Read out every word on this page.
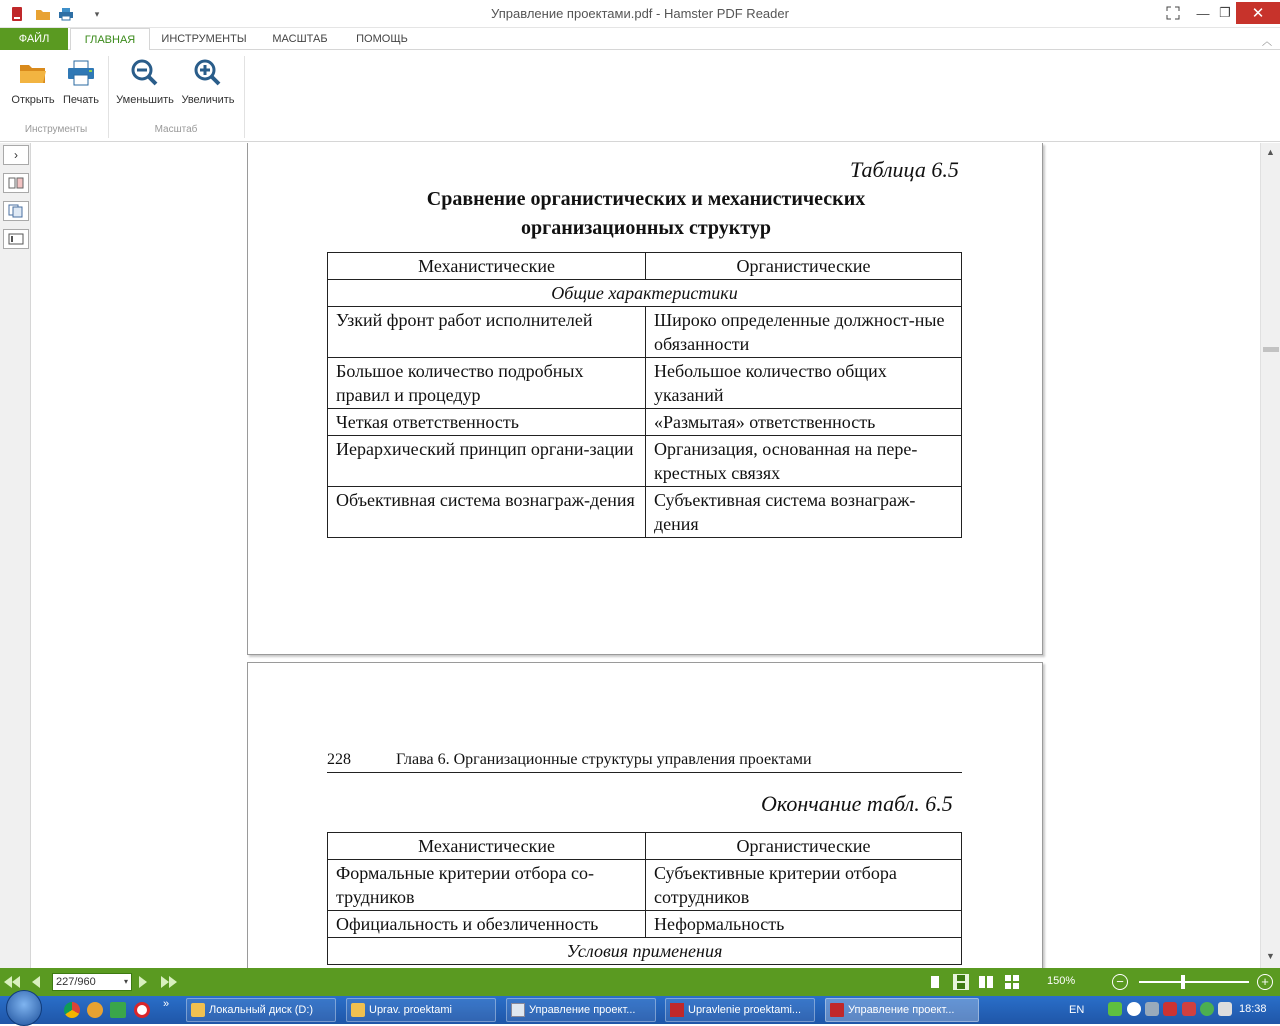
▾	Управление проектами.pdf - Hamster PDF Reader	— ❐	✕
ФАЙЛ	ГЛАВНАЯ	ИНСТРУМЕНТЫ	МАСШТАБ	ПОМОЩЬ	︿
Открыть Печать Уменьшить Увеличить
Инструменты	Масштаб
›
Таблица 6.5
Сравнение органистических и механистических
организационных структур
Механистические	Органистические
Общие характеристики	
Узкий фронт работ исполнителей	Широко определенные должност-ные обязанности
Большое количество подробных правил и процедур	Небольшое количество общих указаний
Четкая ответственность	«Размытая» ответственность
Иерархический принцип органи-зации	Организация, основанная на пере-крестных связях
Объективная система вознаграж-дения	Субъективная система вознаграж-дения
228	Глава 6. Организационные структуры управления проектами
Окончание табл. 6.5
Механистические	Органистические
Формальные критерии отбора со-трудников	Субъективные критерии отбора сотрудников
Официальность и обезличенность	Неформальность
Условия применения	
▲
▼
227/960	▾	150%	−	+
»	Локальный диск (D:)	Uprav. proektami	Управление проект...	Upravlenie proektami...	Управление проект...	EN	18:38
